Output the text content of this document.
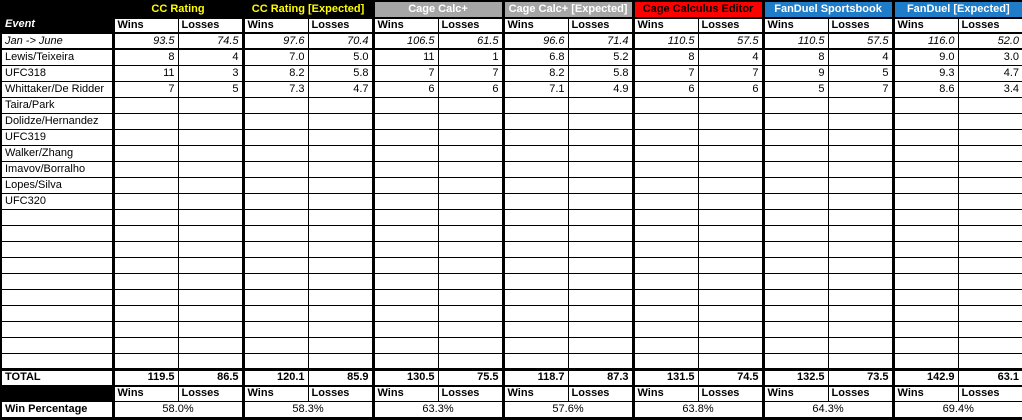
Event	CC Rating		CC Rating [Expected]		Cage Calc+		Cage Calc+ [Expected]		Cage Calculus Editor		FanDuel Sportsbook		FanDuel [Expected]	
	Wins	Losses	Wins	Losses	Wins	Losses	Wins	Losses	Wins	Losses	Wins	Losses	Wins	Losses
Jan -> June	93.5	74.5	97.6	70.4	106.5	61.5	96.6	71.4	110.5	57.5	110.5	57.5	116.0	52.0
Lewis/Teixeira	8	4	7.0	5.0	11	1	6.8	5.2	8	4	8	4	9.0	3.0
UFC318	11	3	8.2	5.8	7	7	8.2	5.8	7	7	9	5	9.3	4.7
Whittaker/De Ridder	7	5	7.3	4.7	6	6	7.1	4.9	6	6	5	7	8.6	3.4
Taira/Park														
Dolidze/Hernandez														
UFC319														
Walker/Zhang														
Imavov/Borralho														
Lopes/Silva														
UFC320														

TOTAL	119.5	86.5	120.1	85.9	130.5	75.5	118.7	87.3	131.5	74.5	132.5	73.5	142.9	63.1
	Wins	Losses	Wins	Losses	Wins	Losses	Wins	Losses	Wins	Losses	Wins	Losses	Wins	Losses
Win Percentage	58.0%		58.3%		63.3%		57.6%		63.8%		64.3%		69.4%	
